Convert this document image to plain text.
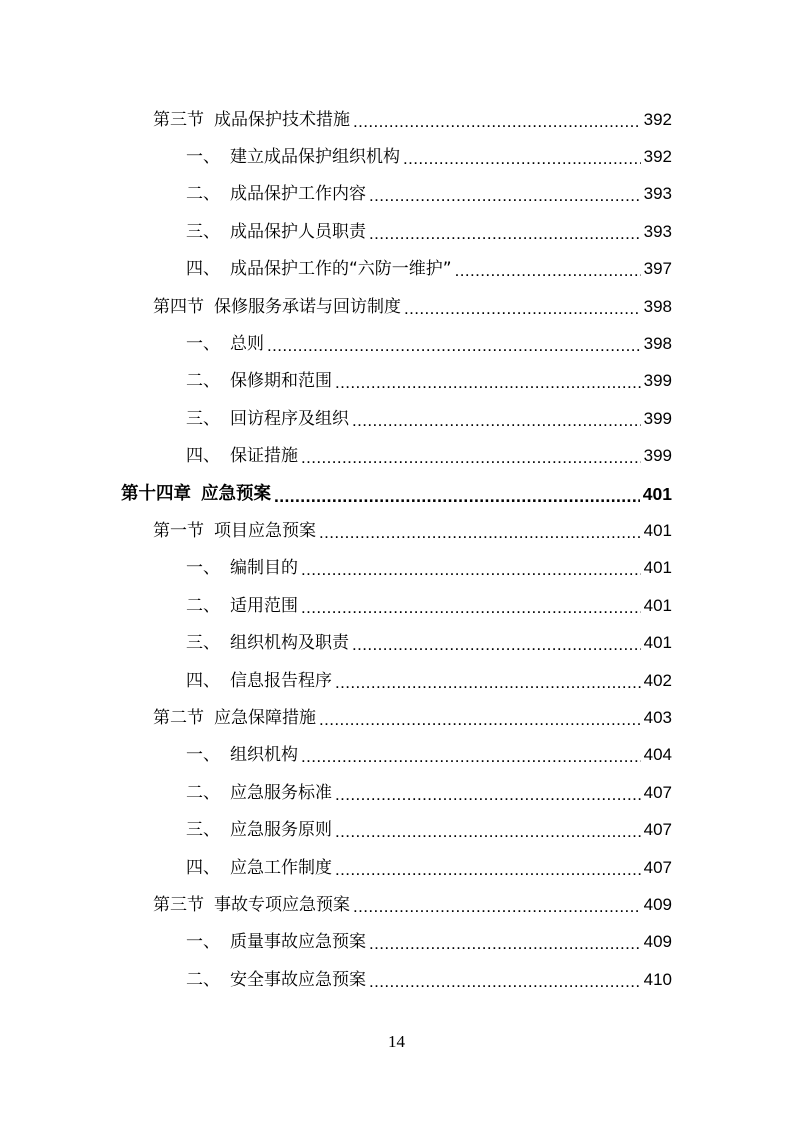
第三节 成品保护技术措施 .....	392
一、 建立成品保护组织机构 .....	392
二、 成品保护工作内容 .....	393
三、 成品保护人员职责 .....	393
四、 成品保护工作的“六防一维护” .....	397
第四节 保修服务承诺与回访制度 .....	398
一、 总则 .....	398
二、 保修期和范围 .....	399
三、 回访程序及组织 .....	399
四、 保证措施 .....	399
第十四章 应急预案 .....	401
第一节 项目应急预案 .....	401
一、 编制目的 .....	401
二、 适用范围 .....	401
三、 组织机构及职责 .....	401
四、 信息报告程序 .....	402
第二节 应急保障措施 .....	403
一、 组织机构 .....	404
二、 应急服务标准 .....	407
三、 应急服务原则 .....	407
四、 应急工作制度 .....	407
第三节 事故专项应急预案 .....	409
一、 质量事故应急预案 .....	409
二、 安全事故应急预案 .....	410
14
